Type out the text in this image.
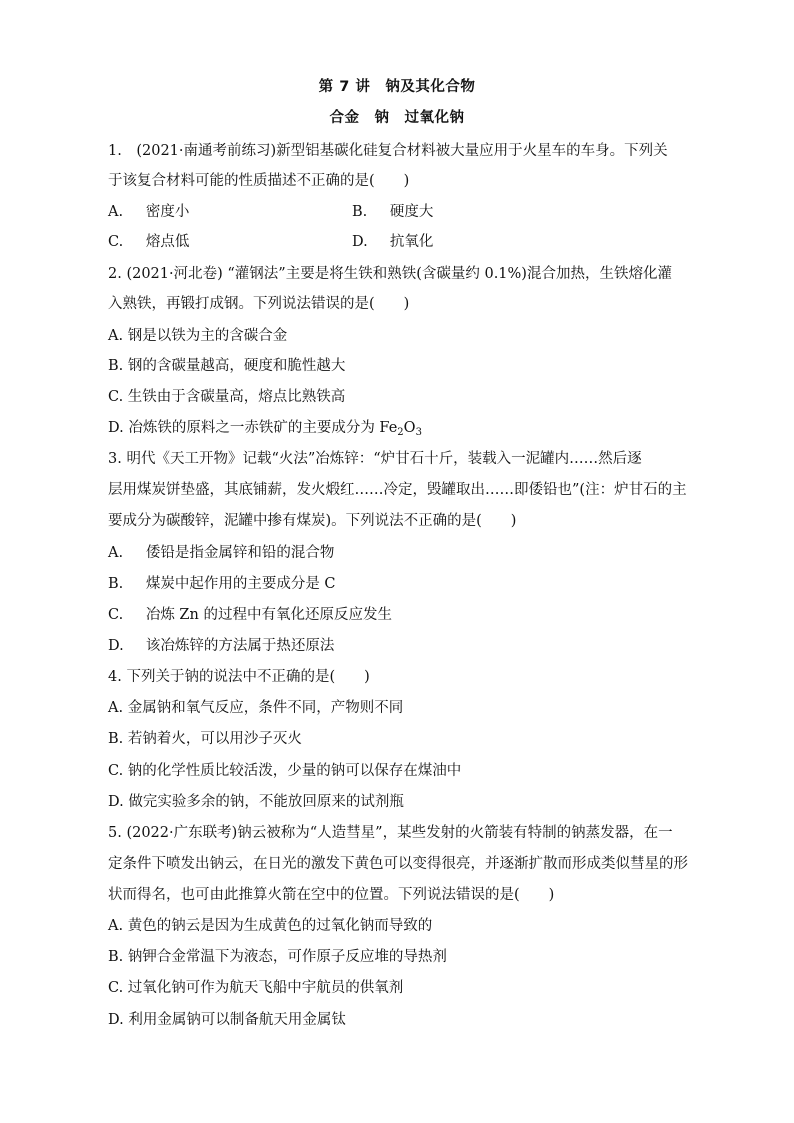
第 7 讲　钠及其化合物
合金　钠　过氧化钠
1.　(2021·南通考前练习)新型铝基碳化硅复合材料被大量应用于火星车的车身。下列关
于该复合材料可能的性质描述不正确的是(　　)
A. 密度小	B. 硬度大
C. 熔点低	D. 抗氧化
2. (2021·河北卷) “灌钢法”主要是将生铁和熟铁(含碳量约 0.1%)混合加热，生铁熔化灌
入熟铁，再锻打成钢。下列说法错误的是(　　)
A. 钢是以铁为主的含碳合金
B. 钢的含碳量越高，硬度和脆性越大
C. 生铁由于含碳量高，熔点比熟铁高
D. 冶炼铁的原料之一赤铁矿的主要成分为 $Fe_2O_3$
3. 明代《天工开物》记载“火法”冶炼锌：“炉甘石十斤，装载入一泥罐内……然后逐
层用煤炭饼垫盛，其底铺薪，发火煅红……冷定，毁罐取出……即倭铅也”(注：炉甘石的主
要成分为碳酸锌，泥罐中掺有煤炭)。下列说法不正确的是(　　)
A. 倭铅是指金属锌和铅的混合物
B. 煤炭中起作用的主要成分是 C
C. 冶炼 Zn 的过程中有氧化还原反应发生
D. 该冶炼锌的方法属于热还原法
4. 下列关于钠的说法中不正确的是(　　)
A. 金属钠和氧气反应，条件不同，产物则不同
B. 若钠着火，可以用沙子灭火
C. 钠的化学性质比较活泼，少量的钠可以保存在煤油中
D. 做完实验多余的钠，不能放回原来的试剂瓶
5. (2022·广东联考)钠云被称为“人造彗星”，某些发射的火箭装有特制的钠蒸发器，在一
定条件下喷发出钠云，在日光的激发下黄色可以变得很亮，并逐渐扩散而形成类似彗星的形
状而得名，也可由此推算火箭在空中的位置。下列说法错误的是(　　)
A. 黄色的钠云是因为生成黄色的过氧化钠而导致的
B. 钠钾合金常温下为液态，可作原子反应堆的导热剂
C. 过氧化钠可作为航天飞船中宇航员的供氧剂
D. 利用金属钠可以制备航天用金属钛
